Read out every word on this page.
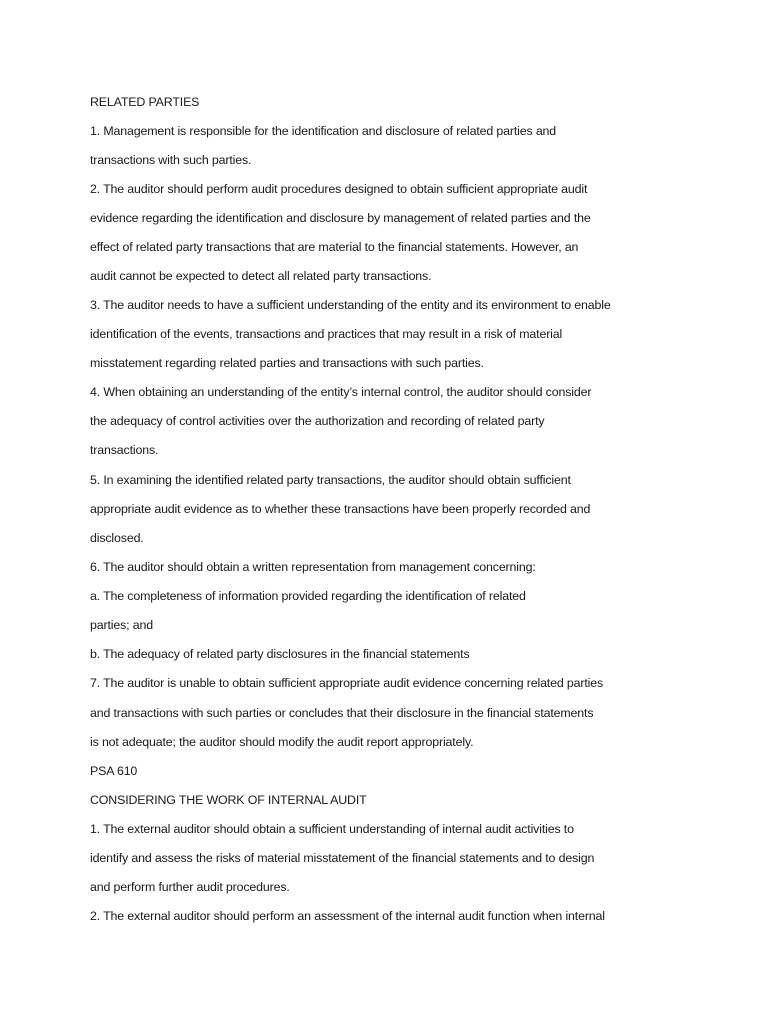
RELATED PARTIES
1. Management is responsible for the identification and disclosure of related parties and
transactions with such parties.
2. The auditor should perform audit procedures designed to obtain sufficient appropriate audit
evidence regarding the identification and disclosure by management of related parties and the
effect of related party transactions that are material to the financial statements. However, an
audit cannot be expected to detect all related party transactions.
3. The auditor needs to have a sufficient understanding of the entity and its environment to enable
identification of the events, transactions and practices that may result in a risk of material
misstatement regarding related parties and transactions with such parties.
4. When obtaining an understanding of the entity’s internal control, the auditor should consider
the adequacy of control activities over the authorization and recording of related party
transactions.
5. In examining the identified related party transactions, the auditor should obtain sufficient
appropriate audit evidence as to whether these transactions have been properly recorded and
disclosed.
6. The auditor should obtain a written representation from management concerning:
a. The completeness of information provided regarding the identification of related
parties; and
b. The adequacy of related party disclosures in the financial statements
7. The auditor is unable to obtain sufficient appropriate audit evidence concerning related parties
and transactions with such parties or concludes that their disclosure in the financial statements
is not adequate; the auditor should modify the audit report appropriately.
PSA 610
CONSIDERING THE WORK OF INTERNAL AUDIT
1. The external auditor should obtain a sufficient understanding of internal audit activities to
identify and assess the risks of material misstatement of the financial statements and to design
and perform further audit procedures.
2. The external auditor should perform an assessment of the internal audit function when internal
